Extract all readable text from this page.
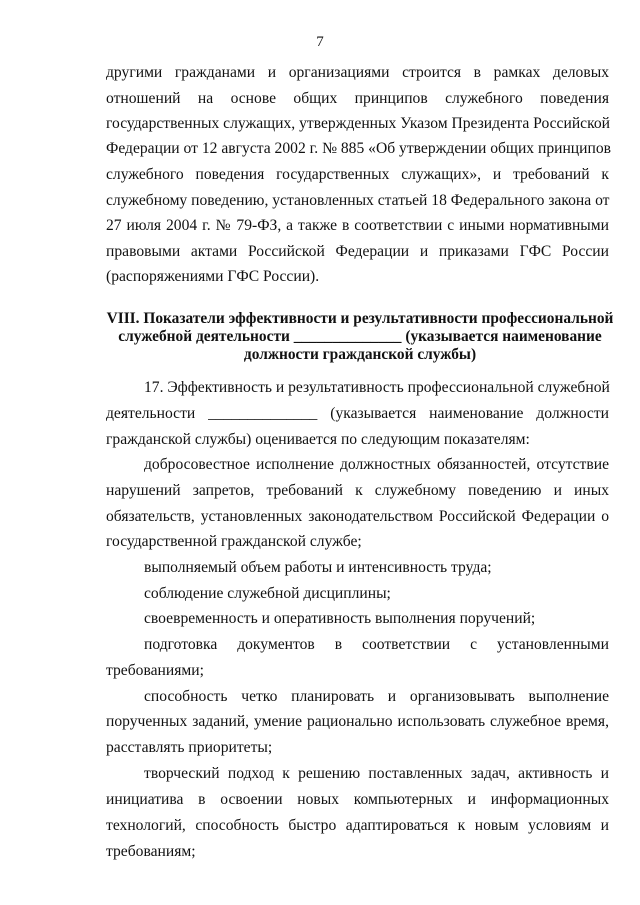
7
другими гражданами и организациями строится в рамках деловых
отношений на основе общих принципов служебного поведения
государственных служащих, утвержденных Указом Президента Российской
Федерации от 12 августа 2002 г. № 885 «Об утверждении общих принципов
служебного поведения государственных служащих», и требований к
служебному поведению, установленных статьей 18 Федерального закона от
27 июля 2004 г. № 79-ФЗ, а также в соответствии с иными нормативными
правовыми актами Российской Федерации и приказами ГФС России
(распоряжениями ГФС России).
VIII. Показатели эффективности и результативности профессиональной
служебной деятельности ______________ (указывается наименование
должности гражданской службы)
17. Эффективность и результативность профессиональной служебной
деятельности ______________ (указывается наименование должности
гражданской службы) оценивается по следующим показателям:
добросовестное исполнение должностных обязанностей, отсутствие
нарушений запретов, требований к служебному поведению и иных
обязательств, установленных законодательством Российской Федерации о
государственной гражданской службе;
выполняемый объем работы и интенсивность труда;
соблюдение служебной дисциплины;
своевременность и оперативность выполнения поручений;
подготовка документов в соответствии с установленными
требованиями;
способность четко планировать и организовывать выполнение
порученных заданий, умение рационально использовать служебное время,
расставлять приоритеты;
творческий подход к решению поставленных задач, активность и
инициатива в освоении новых компьютерных и информационных
технологий, способность быстро адаптироваться к новым условиям и
требованиям;
